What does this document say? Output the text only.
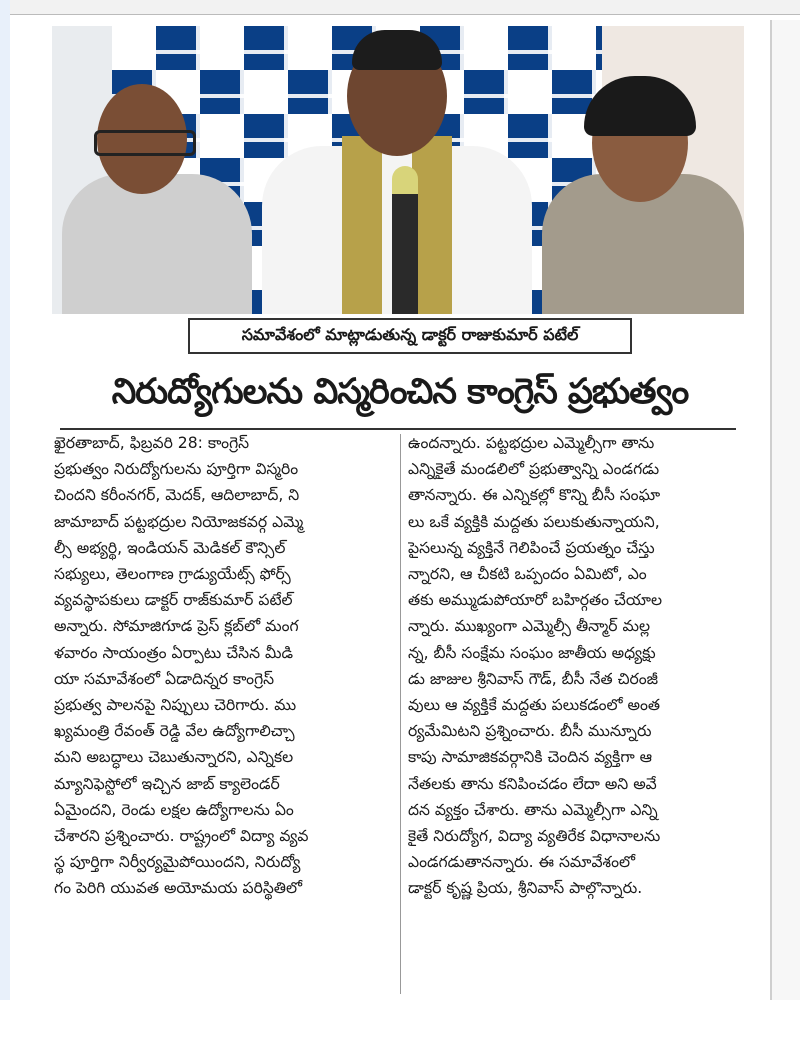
సమావేశంలో మాట్లాడుతున్న డాక్టర్ రాజుకుమార్ పటేల్
నిరుద్యోగులను విస్మరించిన కాంగ్రెస్ ప్రభుత్వం
ఖైరతాబాద్, ఫిబ్రవరి 28: కాంగ్రెస్
ప్రభుత్వం నిరుద్యోగులను పూర్తిగా విస్మరిం
చిందని కరీంనగర్, మెదక్, ఆదిలాబాద్, ని
జామాబాద్ పట్టభద్రుల నియోజకవర్గ ఎమ్మె
ల్సీ అభ్యర్థి, ఇండియన్ మెడికల్ కౌన్సిల్
సభ్యులు, తెలంగాణ గ్రాడ్యుయేట్స్ ఫోర్స్
వ్యవస్థాపకులు డాక్టర్ రాజ్‌కుమార్ పటేల్
అన్నారు. సోమాజిగూడ ప్రెస్ క్లబ్‌లో మంగ
ళవారం సాయంత్రం ఏర్పాటు చేసిన మీడి
యా సమావేశంలో ఏడాదిన్నర కాంగ్రెస్
ప్రభుత్వ పాలనపై నిప్పులు చెరిగారు. ము
ఖ్యమంత్రి రేవంత్ రెడ్డి వేల ఉద్యోగాలిచ్చా
మని అబద్ధాలు చెబుతున్నారని, ఎన్నికల
మ్యానిఫెస్టోలో ఇచ్చిన జాబ్ క్యాలెండర్
ఏమైందని, రెండు లక్షల ఉద్యోగాలను ఏం
చేశారని ప్రశ్నించారు. రాష్ట్రంలో విద్యా వ్యవ
స్థ పూర్తిగా నిర్వీర్యమైపోయిందని, నిరుద్యో
గం పెరిగి యువత అయోమయ పరిస్థితిలో
ఉందన్నారు. పట్టభద్రుల ఎమ్మెల్సీగా తాను
ఎన్నికైతే మండలిలో ప్రభుత్వాన్ని ఎండగడు
తానన్నారు. ఈ ఎన్నికల్లో కొన్ని బీసీ సంఘా
లు ఒకే వ్యక్తికి మద్దతు పలుకుతున్నాయని,
పైసలున్న వ్యక్తినే గెలిపించే ప్రయత్నం చేస్తు
న్నారని, ఆ చీకటి ఒప్పందం ఏమిటో, ఎం
తకు అమ్ముడుపోయారో బహిర్గతం చేయాల
న్నారు. ముఖ్యంగా ఎమ్మెల్సీ తీన్మార్ మల్ల
న్న, బీసీ సంక్షేమ సంఘం జాతీయ అధ్యక్షు
డు జాజుల శ్రీనివాస్ గౌడ్, బీసీ నేత చిరంజీ
వులు ఆ వ్యక్తికే మద్దతు పలుకడంలో అంత
ర్యమేమిటని ప్రశ్నించారు. బీసీ మున్నూరు
కాపు సామాజికవర్గానికి చెందిన వ్యక్తిగా ఆ
నేతలకు తాను కనిపించడం లేదా అని అవే
దన వ్యక్తం చేశారు. తాను ఎమ్మెల్సీగా ఎన్ని
కైతే నిరుద్యోగ, విద్యా వ్యతిరేక విధానాలను
ఎండగడుతానన్నారు. ఈ సమావేశంలో
డాక్టర్ కృష్ణ ప్రియ, శ్రీనివాస్ పాల్గొన్నారు.
